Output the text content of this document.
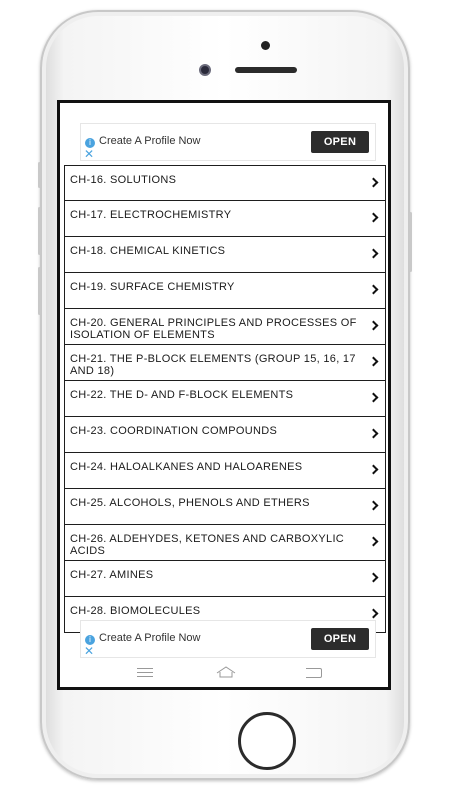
i
✕
Create A Profile Now	OPEN
CH-16. SOLUTIONS
CH-17. ELECTROCHEMISTRY
CH-18. CHEMICAL KINETICS
CH-19. SURFACE CHEMISTRY
CH-20. GENERAL PRINCIPLES AND PROCESSES OF ISOLATION OF ELEMENTS
CH-21. THE P-BLOCK ELEMENTS (GROUP 15, 16, 17 AND 18)
CH-22. THE D- AND F-BLOCK ELEMENTS
CH-23. COORDINATION COMPOUNDS
CH-24. HALOALKANES AND HALOARENES
CH-25. ALCOHOLS, PHENOLS AND ETHERS
CH-26. ALDEHYDES, KETONES AND CARBOXYLIC ACIDS
CH-27. AMINES
CH-28. BIOMOLECULES
i
✕
Create A Profile Now	OPEN
